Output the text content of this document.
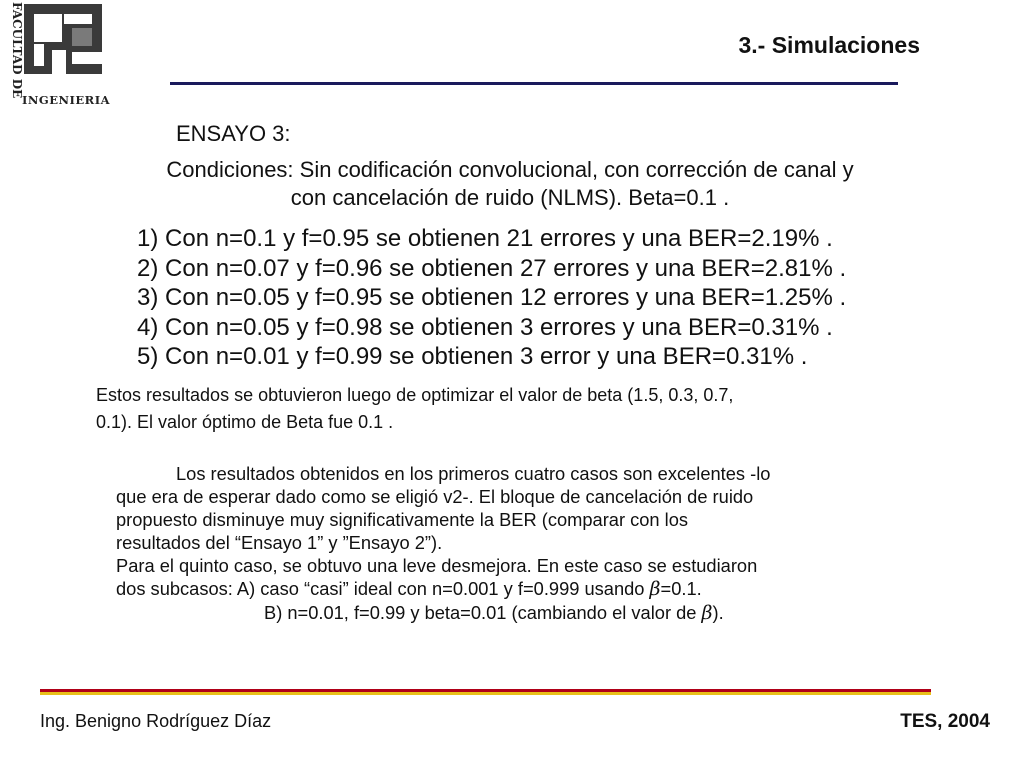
FACULTAD DE
INGENIERIA
3.- Simulaciones
ENSAYO 3:
Condiciones: Sin codificación convolucional, con corrección de canal y
con cancelación de ruido (NLMS). Beta=0.1 .
1) Con n=0.1 y f=0.95 se obtienen 21 errores y una BER=2.19% .
2) Con n=0.07 y f=0.96 se obtienen 27 errores y una BER=2.81% .
3) Con n=0.05 y f=0.95 se obtienen 12 errores y una BER=1.25% .
4) Con n=0.05 y f=0.98 se obtienen 3 errores y una BER=0.31% .
5) Con n=0.01 y f=0.99 se obtienen 3 error y una BER=0.31% .
Estos resultados se obtuvieron luego de optimizar el valor de beta (1.5, 0.3, 0.7,
0.1). El valor óptimo de Beta fue 0.1 .
Los resultados obtenidos en los primeros cuatro casos son excelentes -lo
que era de esperar dado como se eligió v2-. El bloque de cancelación de ruido
propuesto disminuye muy significativamente la BER (comparar con los
resultados del “Ensayo 1” y ”Ensayo 2”).
Para el quinto caso, se obtuvo una leve desmejora. En este caso se estudiaron
dos subcasos: A) caso “casi” ideal con n=0.001 y f=0.999 usando β=0.1.
B) n=0.01, f=0.99 y beta=0.01 (cambiando el valor de β).
Ing. Benigno Rodríguez Díaz	TES, 2004
